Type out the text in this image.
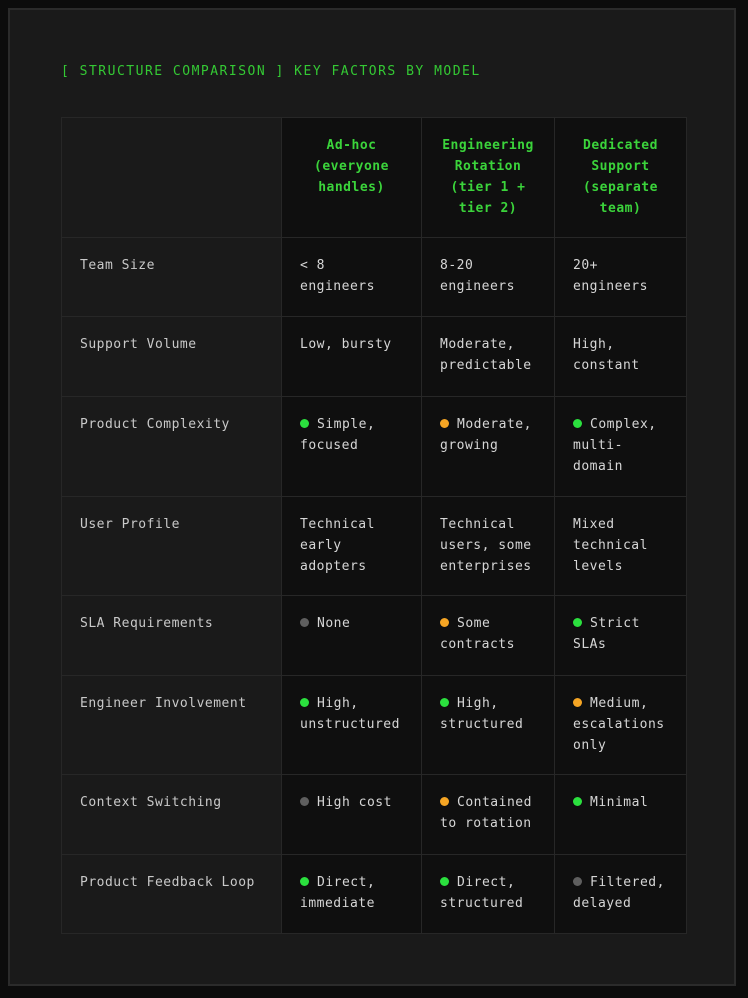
[ STRUCTURE COMPARISON ] KEY FACTORS BY MODEL
	Ad-hoc (everyone handles)	Engineering Rotation (tier 1 + tier 2)	Dedicated Support (separate team)
Team Size	< 8 engineers	8-20 engineers	20+ engineers
Support Volume	Low, bursty	Moderate, predictable	High, constant
Product Complexity	Simple, focused	Moderate, growing	Complex, multi-domain
User Profile	Technical early adopters	Technical users, some enterprises	Mixed technical levels
SLA Requirements	None	Some contracts	Strict SLAs
Engineer Involvement	High, unstructured	High, structured	Medium, escalations only
Context Switching	High cost	Contained to rotation	Minimal
Product Feedback Loop	Direct, immediate	Direct, structured	Filtered, delayed
